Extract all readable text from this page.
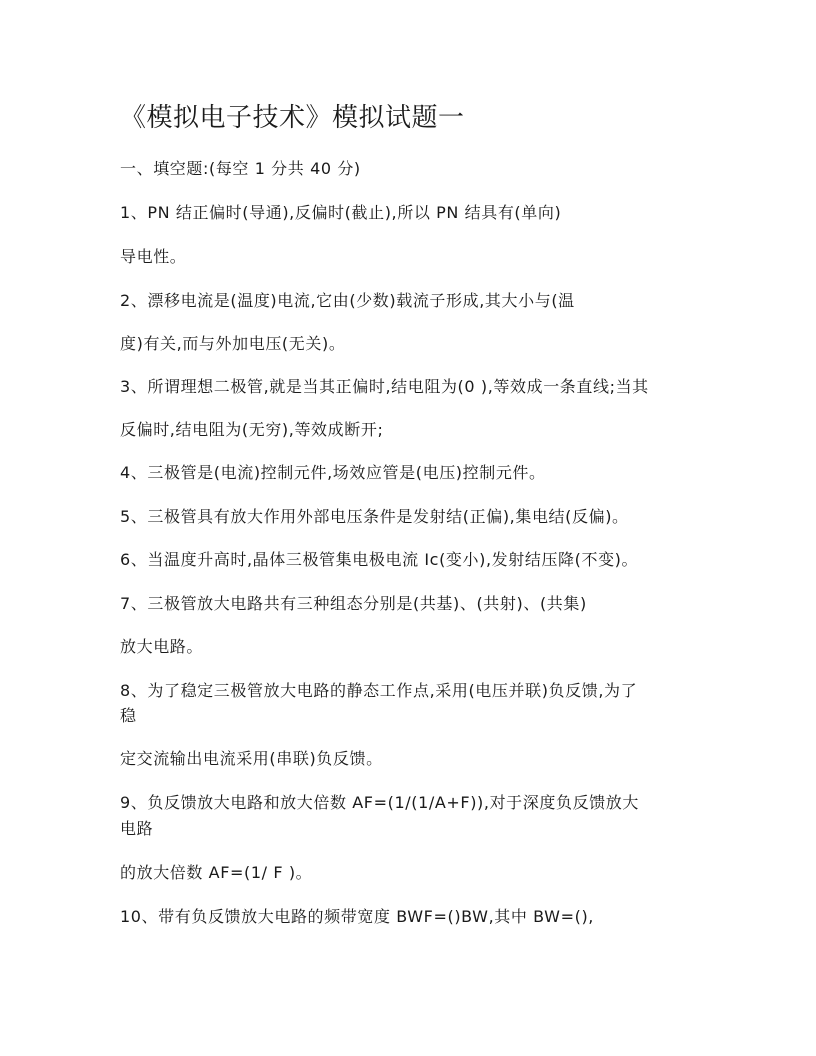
《模拟电子技术》模拟试题一
一、填空题:(每空 1 分共 40 分)
1、PN 结正偏时(导通),反偏时(截止),所以 PN 结具有(单向)
导电性。
2、漂移电流是(温度)电流,它由(少数)载流子形成,其大小与(温
度)有关,而与外加电压(无关)。
3、所谓理想二极管,就是当其正偏时,结电阻为(0 ),等效成一条直线;当其
反偏时,结电阻为(无穷),等效成断开;
4、三极管是(电流)控制元件,场效应管是(电压)控制元件。
5、三极管具有放大作用外部电压条件是发射结(正偏),集电结(反偏)。
6、当温度升高时,晶体三极管集电极电流 Ic(变小),发射结压降(不变)。
7、三极管放大电路共有三种组态分别是(共基)、(共射)、(共集)
放大电路。
8、为了稳定三极管放大电路的静态工作点,采用(电压并联)负反馈,为了
稳
定交流输出电流采用(串联)负反馈。
9、负反馈放大电路和放大倍数 AF=(1/(1/A+F)),对于深度负反馈放大
电路
的放大倍数 AF=(1/ F )。
10、带有负反馈放大电路的频带宽度 BWF=()BW,其中 BW=(),
